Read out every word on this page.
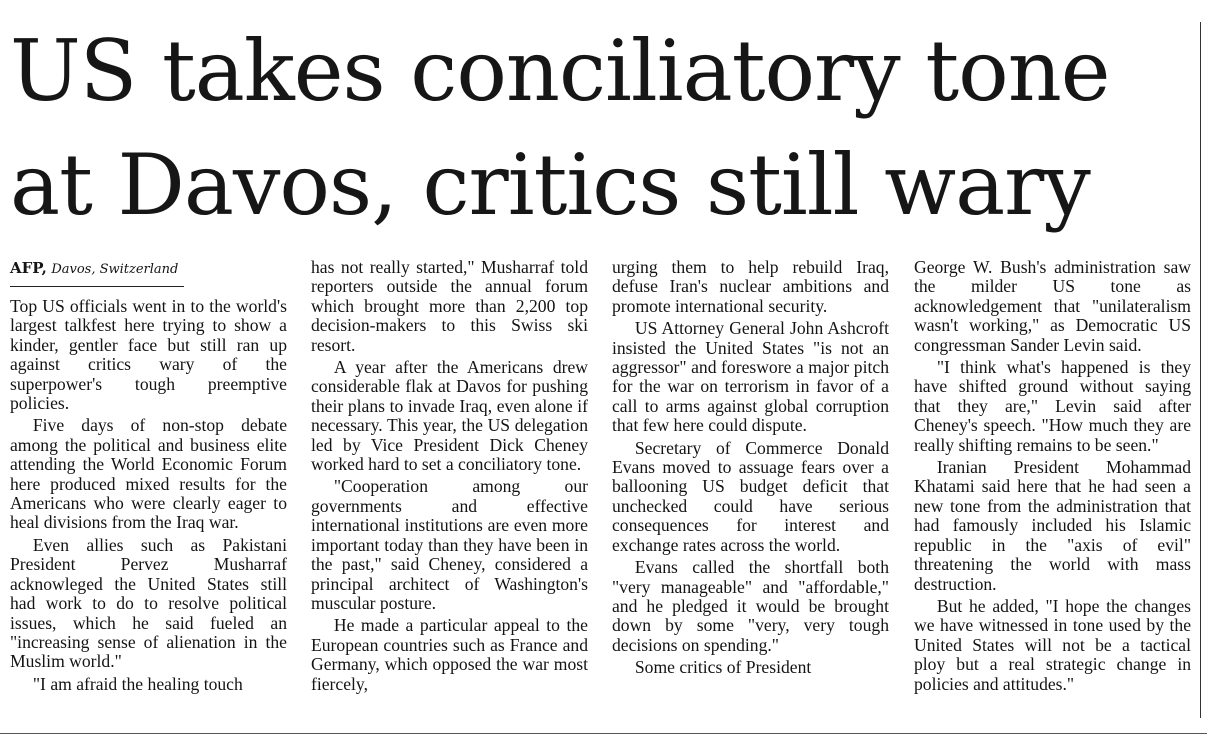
US takes conciliatory tone at Davos, critics still wary
AFP, Davos, Switzerland

Top US officials went in to the world's largest talkfest here trying to show a kinder, gentler face but still ran up against critics wary of the superpower's tough preemptive policies.

Five days of non-stop debate among the political and business elite attending the World Economic Forum here produced mixed results for the Americans who were clearly eager to heal divisions from the Iraq war.

Even allies such as Pakistani President Pervez Musharraf acknowleged the United States still had work to do to resolve political issues, which he said fueled an "increasing sense of alienation in the Muslim world."

"I am afraid the healing touch

has not really started," Musharraf told reporters outside the annual forum which brought more than 2,200 top decision-makers to this Swiss ski resort.

A year after the Americans drew considerable flak at Davos for pushing their plans to invade Iraq, even alone if necessary. This year, the US delegation led by Vice President Dick Cheney worked hard to set a conciliatory tone.

"Cooperation among our governments and effective international institutions are even more important today than they have been in the past," said Cheney, considered a principal architect of Washington's muscular posture.

He made a particular appeal to the European countries such as France and Germany, which opposed the war most fiercely,

urging them to help rebuild Iraq, defuse Iran's nuclear ambitions and promote international security.

US Attorney General John Ashcroft insisted the United States "is not an aggressor" and foreswore a major pitch for the war on terrorism in favor of a call to arms against global corruption that few here could dispute.

Secretary of Commerce Donald Evans moved to assuage fears over a ballooning US budget deficit that unchecked could have serious consequences for interest and exchange rates across the world.

Evans called the shortfall both "very manageable" and "affordable," and he pledged it would be brought down by some "very, very tough decisions on spending."

Some critics of President

George W. Bush's administration saw the milder US tone as acknowledgement that "unilateralism wasn't working," as Democratic US congressman Sander Levin said.

"I think what's happened is they have shifted ground without saying that they are," Levin said after Cheney's speech. "How much they are really shifting remains to be seen."

Iranian President Mohammad Khatami said here that he had seen a new tone from the administration that had famously included his Islamic republic in the "axis of evil" threatening the world with mass destruction.

But he added, "I hope the changes we have witnessed in tone used by the United States will not be a tactical ploy but a real strategic change in policies and attitudes."
